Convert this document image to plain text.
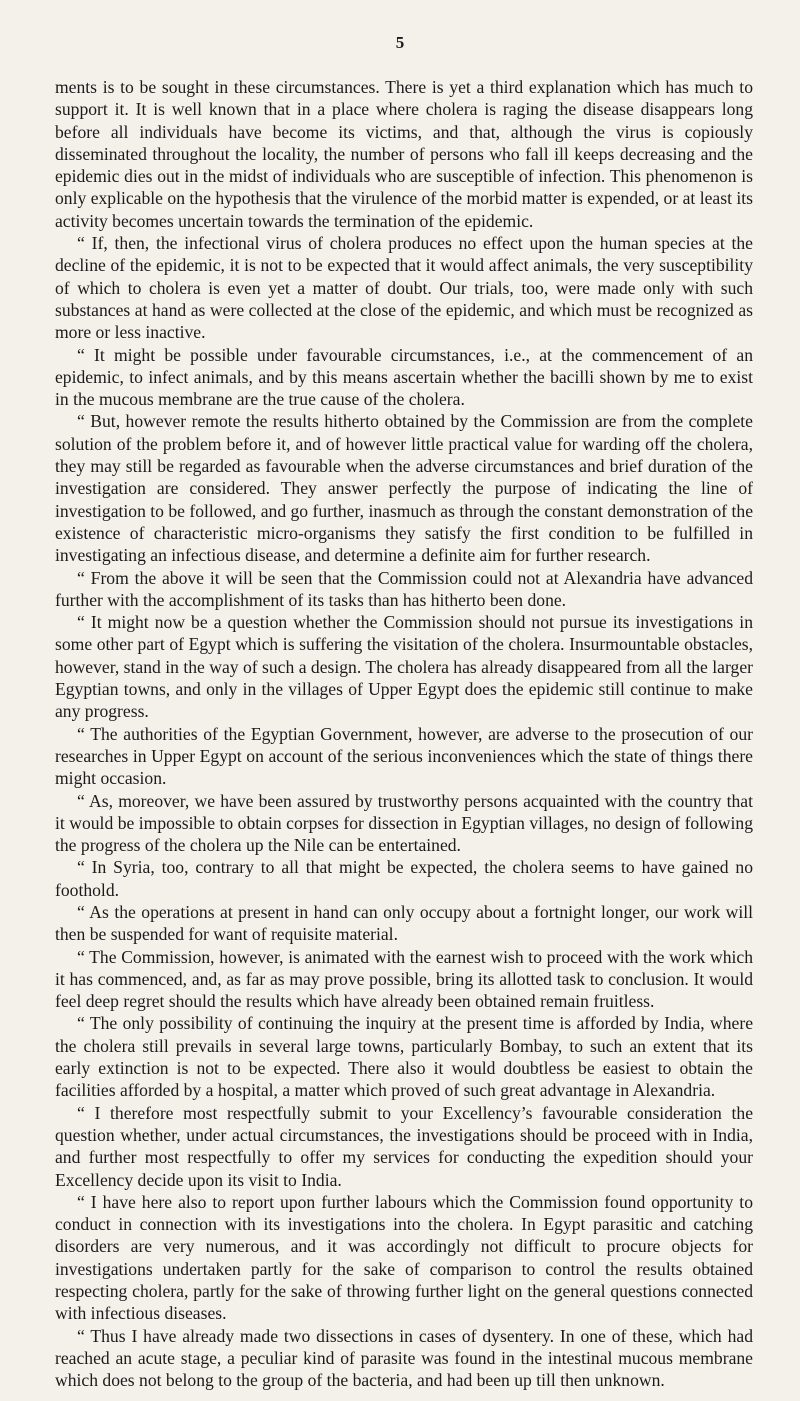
5

ments is to be sought in these circumstances. There is yet a third explanation which has much to support it. It is well known that in a place where cholera is raging the disease disappears long before all individuals have become its victims, and that, although the virus is copiously disseminated throughout the locality, the number of persons who fall ill keeps decreasing and the epidemic dies out in the midst of individuals who are susceptible of infection. This phenomenon is only explicable on the hypothesis that the virulence of the morbid matter is expended, or at least its activity becomes uncertain towards the termination of the epidemic.

“ If, then, the infectional virus of cholera produces no effect upon the human species at the decline of the epidemic, it is not to be expected that it would affect animals, the very susceptibility of which to cholera is even yet a matter of doubt. Our trials, too, were made only with such substances at hand as were collected at the close of the epidemic, and which must be recognized as more or less inactive.

“ It might be possible under favourable circumstances, i.e., at the commencement of an epidemic, to infect animals, and by this means ascertain whether the bacilli shown by me to exist in the mucous membrane are the true cause of the cholera.

“ But, however remote the results hitherto obtained by the Commission are from the complete solution of the problem before it, and of however little practical value for warding off the cholera, they may still be regarded as favourable when the adverse circumstances and brief duration of the investigation are considered. They answer perfectly the purpose of indicating the line of investigation to be followed, and go further, inasmuch as through the constant demonstration of the existence of characteristic micro-organisms they satisfy the first condition to be fulfilled in investigating an infectious disease, and determine a definite aim for further research.

“ From the above it will be seen that the Commission could not at Alexandria have advanced further with the accomplishment of its tasks than has hitherto been done.

“ It might now be a question whether the Commission should not pursue its investigations in some other part of Egypt which is suffering the visitation of the cholera. Insurmountable obstacles, however, stand in the way of such a design. The cholera has already disappeared from all the larger Egyptian towns, and only in the villages of Upper Egypt does the epidemic still continue to make any progress.

“ The authorities of the Egyptian Government, however, are adverse to the prosecution of our researches in Upper Egypt on account of the serious inconveniences which the state of things there might occasion.

“ As, moreover, we have been assured by trustworthy persons acquainted with the country that it would be impossible to obtain corpses for dissection in Egyptian villages, no design of following the progress of the cholera up the Nile can be entertained.

“ In Syria, too, contrary to all that might be expected, the cholera seems to have gained no foothold.

“ As the operations at present in hand can only occupy about a fortnight longer, our work will then be suspended for want of requisite material.

“ The Commission, however, is animated with the earnest wish to proceed with the work which it has commenced, and, as far as may prove possible, bring its allotted task to conclusion. It would feel deep regret should the results which have already been obtained remain fruitless.

“ The only possibility of continuing the inquiry at the present time is afforded by India, where the cholera still prevails in several large towns, particularly Bombay, to such an extent that its early extinction is not to be expected. There also it would doubtless be easiest to obtain the facilities afforded by a hospital, a matter which proved of such great advantage in Alexandria.

“ I therefore most respectfully submit to your Excellency’s favourable consideration the question whether, under actual circumstances, the investigations should be proceed with in India, and further most respectfully to offer my services for conducting the expedition should your Excellency decide upon its visit to India.

“ I have here also to report upon further labours which the Commission found opportunity to conduct in connection with its investigations into the cholera. In Egypt parasitic and catching disorders are very numerous, and it was accordingly not difficult to procure objects for investigations undertaken partly for the sake of comparison to control the results obtained respecting cholera, partly for the sake of throwing further light on the general questions connected with infectious diseases.

“ Thus I have already made two dissections in cases of dysentery. In one of these, which had reached an acute stage, a peculiar kind of parasite was found in the intestinal mucous membrane which does not belong to the group of the bacteria, and had been up till then unknown.
